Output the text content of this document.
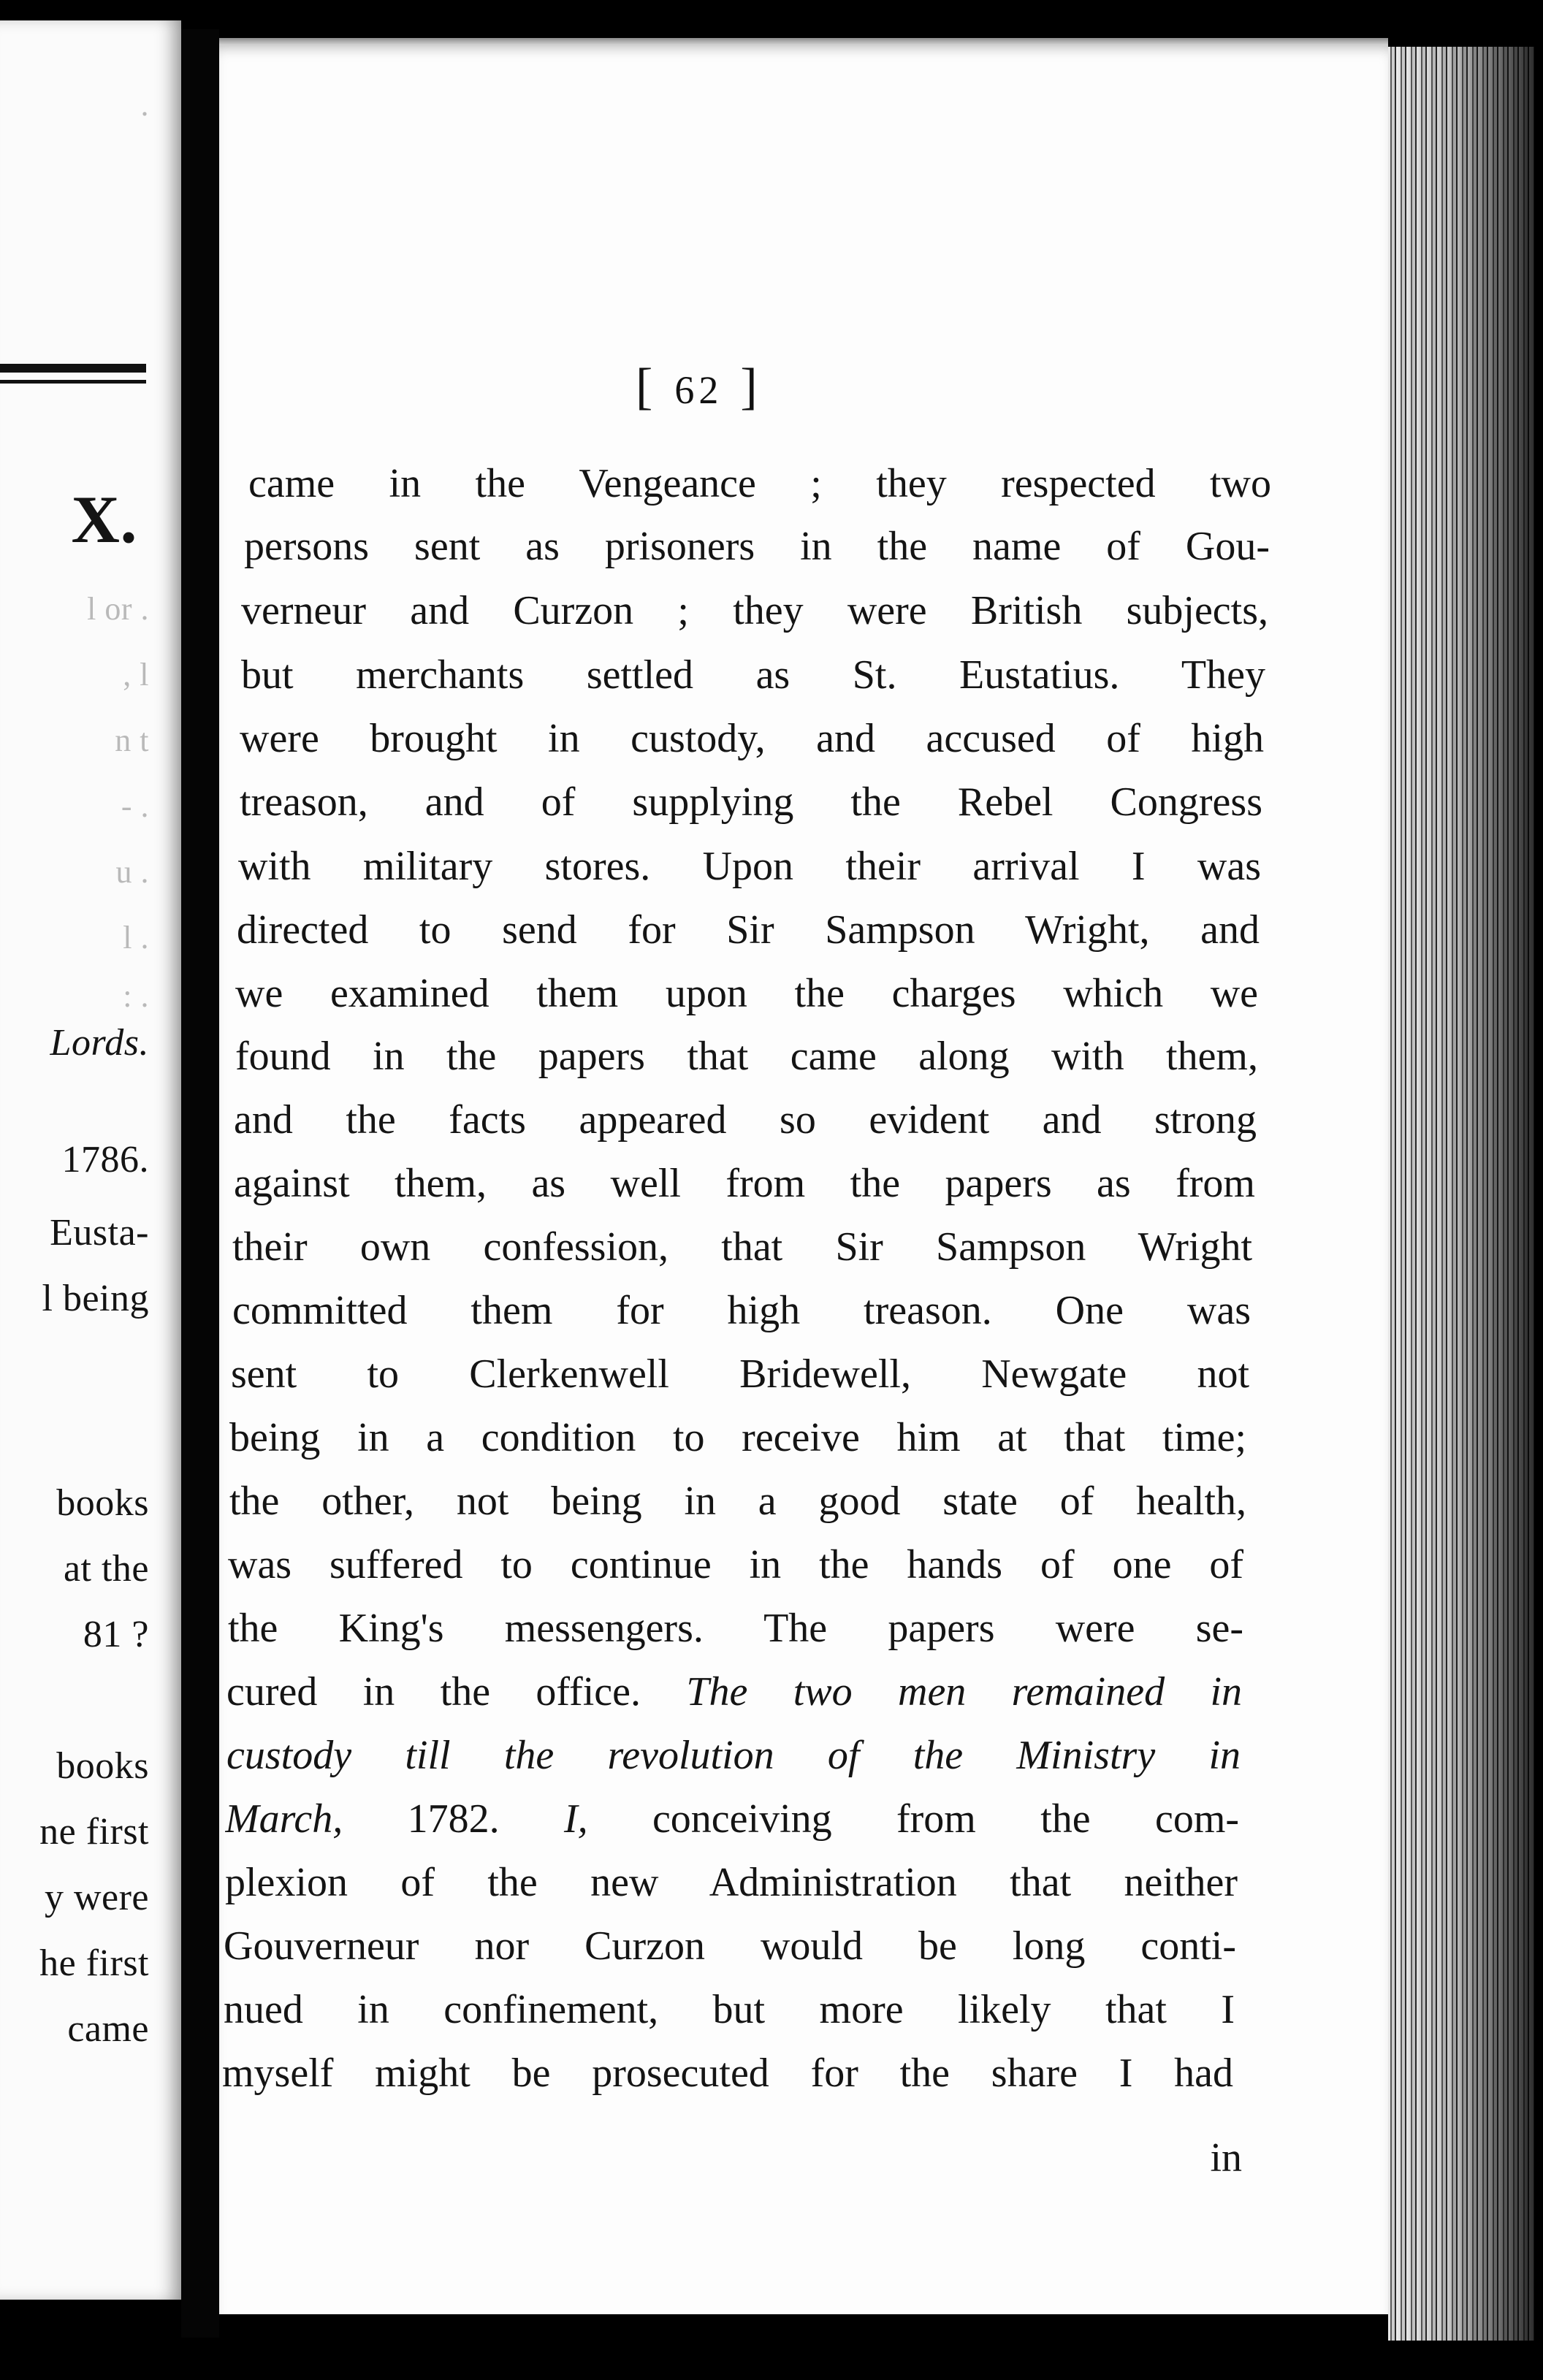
.
l or .
, l
n t
- .
u .
l .
: .
X.
Lords.
1786.
Eusta-
l being
books
at the
81 ?
books
ne first
y were
he first
came
[ 62 ]
came in the Vengeance ; they respected two
persons sent as prisoners in the name of Gou-
verneur and Curzon ; they were British subjects,
but merchants settled as St. Eustatius. They
were brought in custody, and accused of high
treason, and of supplying the Rebel Congress
with military stores. Upon their arrival I was
directed to send for Sir Sampson Wright, and
we examined them upon the charges which we
found in the papers that came along with them,
and the facts appeared so evident and strong
against them, as well from the papers as from
their own confession, that Sir Sampson Wright
committed them for high treason. One was
sent to Clerkenwell Bridewell, Newgate not
being in a condition to receive him at that time;
the other, not being in a good state of health,
was suffered to continue in the hands of one of
the King's messengers. The papers were se-
cured in the office. The two men remained in
custody till the revolution of the Ministry in
March, 1782. I, conceiving from the com-
plexion of the new Administration that neither
Gouverneur nor Curzon would be long conti-
nued in confinement, but more likely that I
myself might be prosecuted for the share I had
in
